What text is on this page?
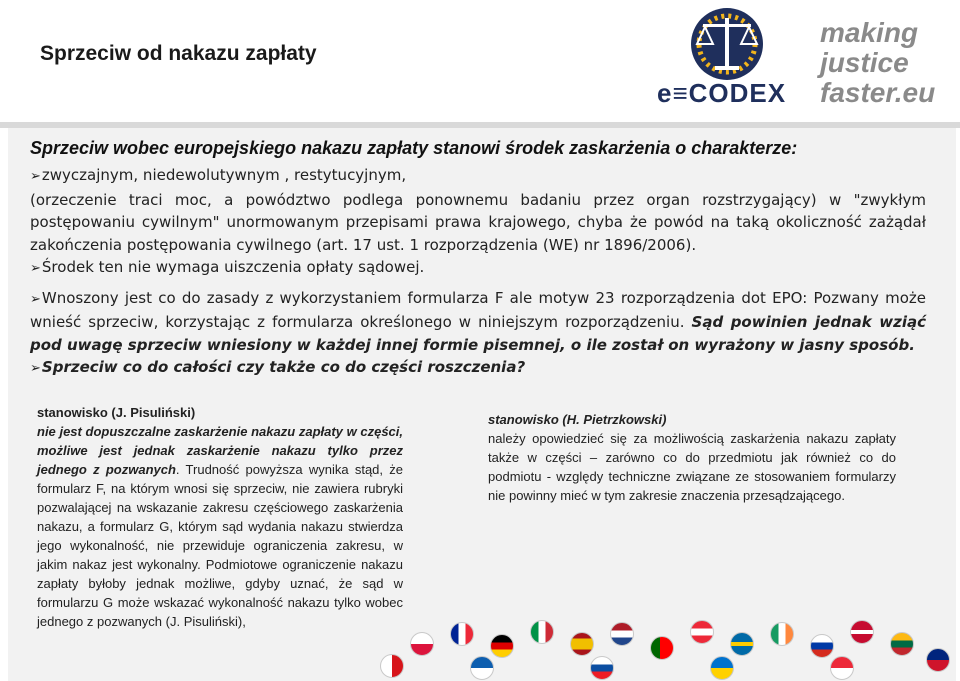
Sprzeciw od nakazu zapłaty
e≡CODEX
making
justice
faster.eu

Sprzeciw wobec europejskiego nakazu zapłaty stanowi środek zaskarżenia o charakterze:

➢ zwyczajnym, niedewolutywnym , restytucyjnym,

(orzeczenie traci moc, a powództwo podlega ponownemu badaniu przez organ rozstrzygający) w "zwykłym postępowaniu cywilnym" unormowanym przepisami prawa krajowego, chyba że powód na taką okoliczność zażądał zakończenia postępowania cywilnego (art. 17 ust. 1 rozporządzenia (WE) nr 1896/2006).

➢ Środek ten nie wymaga uiszczenia opłaty sądowej.

➢ Wnoszony jest co do zasady z wykorzystaniem formularza F ale motyw 23 rozporządzenia dot EPO: Pozwany może wnieść sprzeciw, korzystając z formularza określonego w niniejszym rozporządzeniu. Sąd powinien jednak wziąć pod uwagę sprzeciw wniesiony w każdej innej formie pisemnej, o ile został on wyrażony w jasny sposób.

➢ Sprzeciw co do całości czy także co do części roszczenia?

stanowisko (J. Pisuliński)
nie jest dopuszczalne zaskarżenie nakazu zapłaty w części, możliwe jest jednak zaskarżenie nakazu tylko przez jednego z pozwanych. Trudność powyższa wynika stąd, że formularz F, na którym wnosi się sprzeciw, nie zawiera rubryki pozwalającej na wskazanie zakresu częściowego zaskarżenia nakazu, a formularz G, którym sąd wydania nakazu stwierdza jego wykonalność, nie przewiduje ograniczenia zakresu, w jakim nakaz jest wykonalny. Podmiotowe ograniczenie nakazu zapłaty byłoby jednak możliwe, gdyby uznać, że sąd w formularzu G może wskazać wykonalność nakazu tylko wobec jednego z pozwanych (J. Pisuliński),
stanowisko (H. Pietrzkowski)
należy opowiedzieć się za możliwością zaskarżenia nakazu zapłaty także w części – zarówno co do przedmiotu jak również co do podmiotu - względy techniczne związane ze stosowaniem formularzy nie powinny mieć w tym zakresie znaczenia przesądzającego.
